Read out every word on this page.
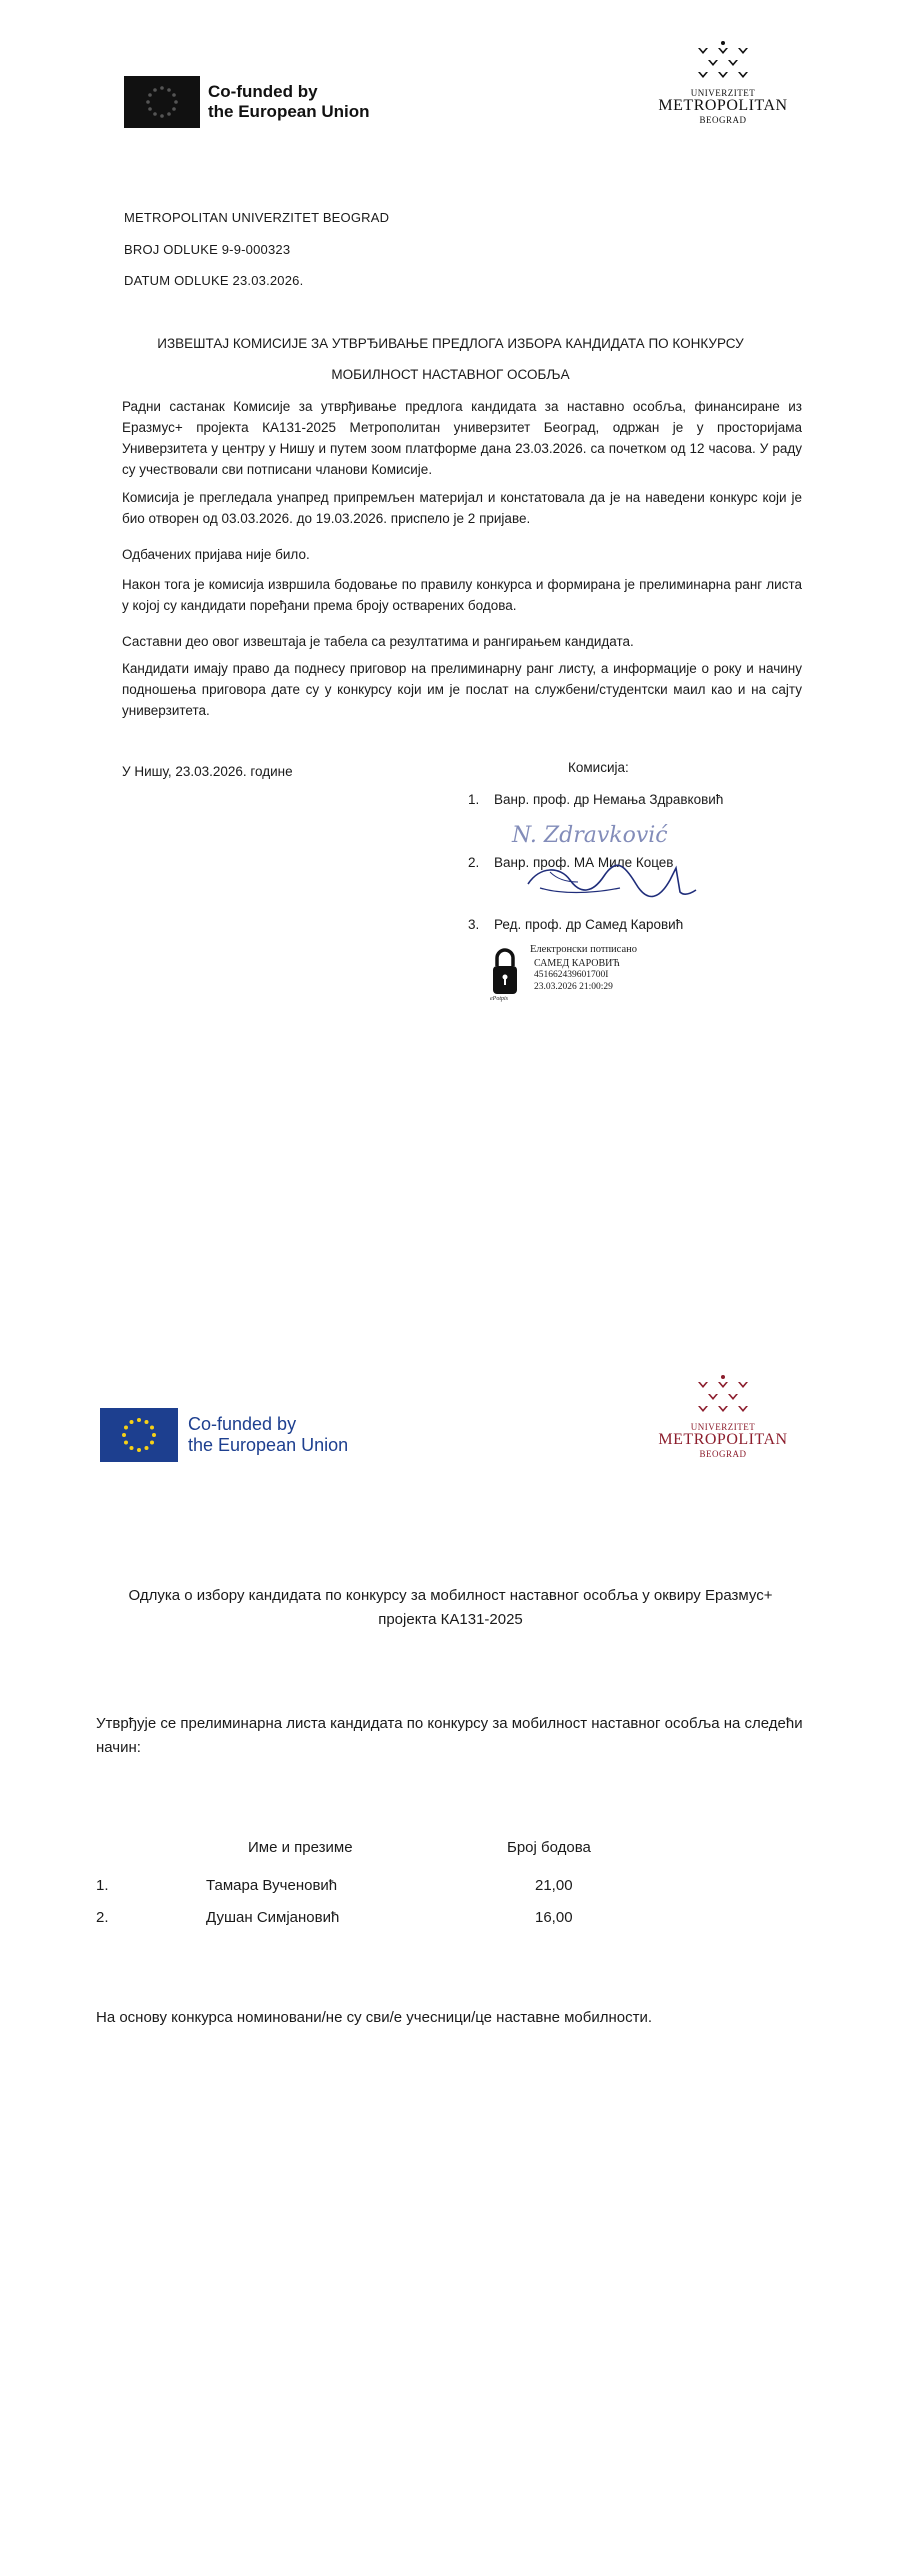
Co-funded by
the European Union
UNIVERZITET
METROPOLITAN
BEOGRAD
METROPOLITAN UNIVERZITET BEOGRAD
BROJ ODLUKE 9-9-000323
DATUM ODLUKE 23.03.2026.
ИЗВЕШТАЈ КОМИСИЈЕ ЗА УТВРЂИВАЊЕ ПРЕДЛОГА ИЗБОРА КАНДИДАТА ПО КОНКУРСУ
МОБИЛНОСТ НАСТАВНОГ ОСОБЉА
Радни састанак Комисије за утврђивање предлога кандидата за наставно особља, финансиране из Еразмус+ пројекта КА131-2025 Метрополитан универзитет Београд, одржан је у просторијама Универзитета у центру у Нишу и путем зоом платформе дана 23.03.2026. са почетком од 12 часова. У раду су учествовали сви потписани чланови Комисије.
Комисија је прегледала унапред припремљен материјал и констатовала да је на наведени конкурс који је био отворен од 03.03.2026. до 19.03.2026. приспело је 2 пријаве.
Одбачених пријава није било.
Након тога је комисија извршила бодовање по правилу конкурса и формирана је прелиминарна ранг листа у којој су кандидати поређани према броју остварених бодова.
Саставни део овог извештаја је табела са резултатима и рангирањем кандидата.
Кандидати имају право да поднесу приговор на прелиминарну ранг листу, а информације о року и начину подношења приговора дате су у конкурсу који им је послат на службени/студентски маил као и на сајту универзитета.
У Нишу, 23.03.2026. године	Комисија:
1. Ванр. проф. др Немања Здравковић
2. Ванр. проф. МА Миле Коцев
3. Ред. проф. др Самед Каровић
N. Zdravković
ePotpis
Електронски потписано
САМЕД КАРОВИЋ
451662439601700I
23.03.2026 21:00:29
Co-funded by
the European Union
UNIVERZITET
METROPOLITAN
BEOGRAD
Одлука о избору кандидата по конкурсу за мобилност наставног особља у оквиру Еразмус+ пројекта КА131-2025
Утврђује се прелиминарна листа кандидата по конкурсу за мобилност наставног особља на следећи начин:
Име и презиме	Број бодова
1.	Тамара Вученовић	21,00
2.	Душан Симјановић	16,00
На основу конкурса номиновани/не су сви/е учесници/це наставне мобилности.
